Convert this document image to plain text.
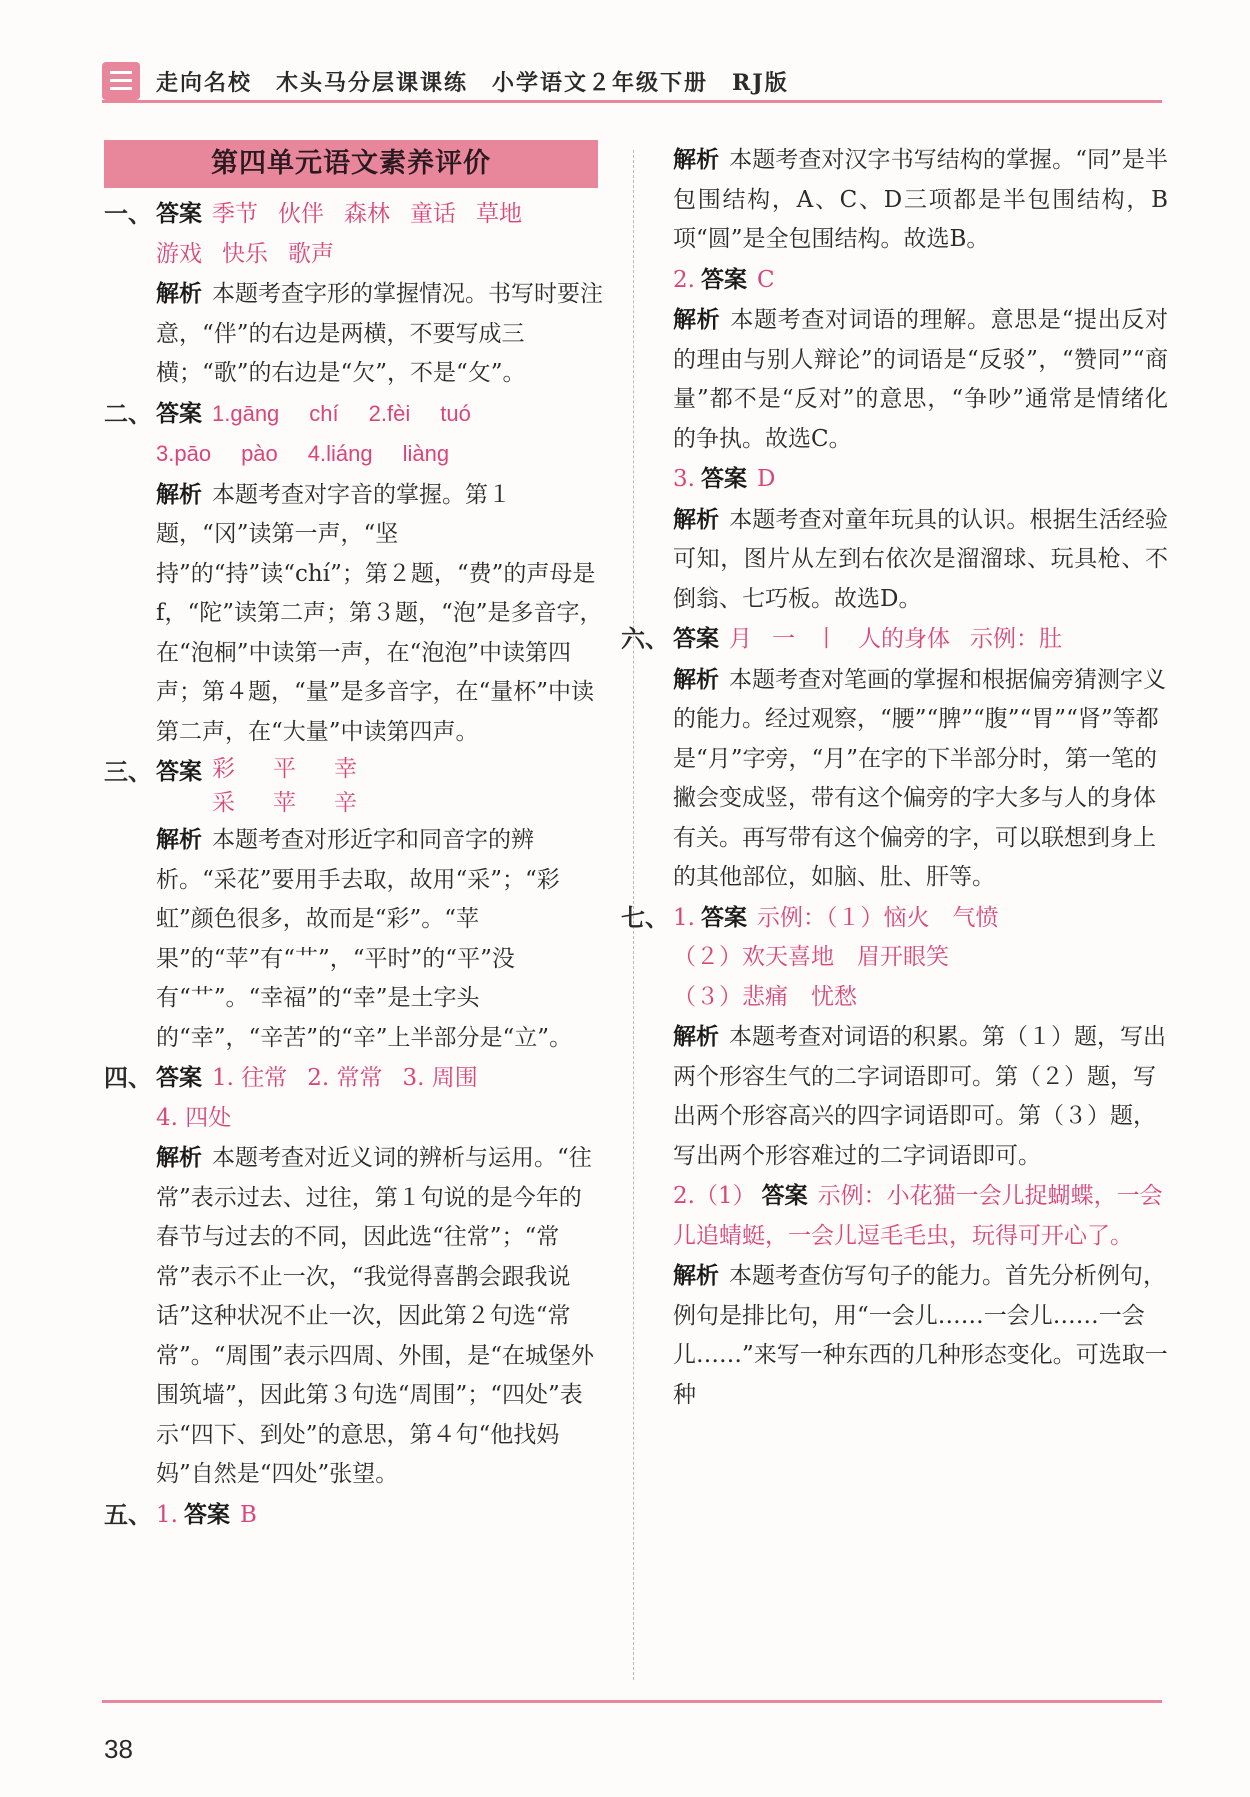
走向名校　木头马分层课课练　小学语文２年级下册　RJ版
第四单元语文素养评价
一、 答案 季节 伙伴 森林 童话 草地
游戏 快乐 歌声
解析 本题考查字形的掌握情况。书写时要注意，“伴”的右边是两横，不要写成三横；“歌”的右边是“欠”，不是“攵”。
二、 答案 1.gāng chí 2.fèi tuó
3.pāo pào 4.liáng liàng
解析 本题考查对字音的掌握。第１题，“冈”读第一声，“坚持”的“持”读“chí”；第２题，“费”的声母是f，“陀”读第二声；第３题，“泡”是多音字，在“泡桐”中读第一声，在“泡泡”中读第四声；第４题，“量”是多音字，在“量杯”中读第二声，在“大量”中读第四声。
三、 答案 彩
采平
苹幸
辛
解析 本题考查对形近字和同音字的辨析。“采花”要用手去取，故用“采”；“彩虹”颜色很多，故而是“彩”。“苹果”的“苹”有“艹”，“平时”的“平”没有“艹”。“幸福”的“幸”是土字头的“幸”，“辛苦”的“辛”上半部分是“立”。
四、 答案 1. 往常 2. 常常 3. 周围
4. 四处
解析 本题考查对近义词的辨析与运用。“往常”表示过去、过往，第１句说的是今年的春节与过去的不同，因此选“往常”；“常常”表示不止一次，“我觉得喜鹊会跟我说话”这种状况不止一次，因此第２句选“常常”。“周围”表示四周、外围，是“在城堡外围筑墙”，因此第３句选“周围”；“四处”表示“四下、到处”的意思，第４句“他找妈妈”自然是“四处”张望。
五、 1. 答案 B
解析 本题考查对汉字书写结构的掌握。“同”是半包围结构，A、C、D三项都是半包围结构，B项“圆”是全包围结构。故选B。
2. 答案 C
解析 本题考查对词语的理解。意思是“提出反对的理由与别人辩论”的词语是“反驳”，“赞同”“商量”都不是“反对”的意思，“争吵”通常是情绪化的争执。故选C。
3. 答案 D
解析 本题考查对童年玩具的认识。根据生活经验可知，图片从左到右依次是溜溜球、玩具枪、不倒翁、七巧板。故选D。
六、 答案 月 一 丨 人的身体 示例：肚
解析 本题考查对笔画的掌握和根据偏旁猜测字义的能力。经过观察，“腰”“脾”“腹”“胃”“肾”等都是“月”字旁，“月”在字的下半部分时，第一笔的撇会变成竖，带有这个偏旁的字大多与人的身体有关。再写带有这个偏旁的字，可以联想到身上的其他部位，如脑、肚、肝等。
七、 1. 答案 示例：（１）恼火　气愤
（２）欢天喜地　眉开眼笑
（３）悲痛　忧愁
解析 本题考查对词语的积累。第（１）题，写出两个形容生气的二字词语即可。第（２）题，写出两个形容高兴的四字词语即可。第（３）题，写出两个形容难过的二字词语即可。
2.（1） 答案 示例：小花猫一会儿捉蝴蝶，一会儿追蜻蜓，一会儿逗毛毛虫，玩得可开心了。
解析 本题考查仿写句子的能力。首先分析例句，例句是排比句，用“一会儿……一会儿……一会儿……”来写一种东西的几种形态变化。可选取一种
38
